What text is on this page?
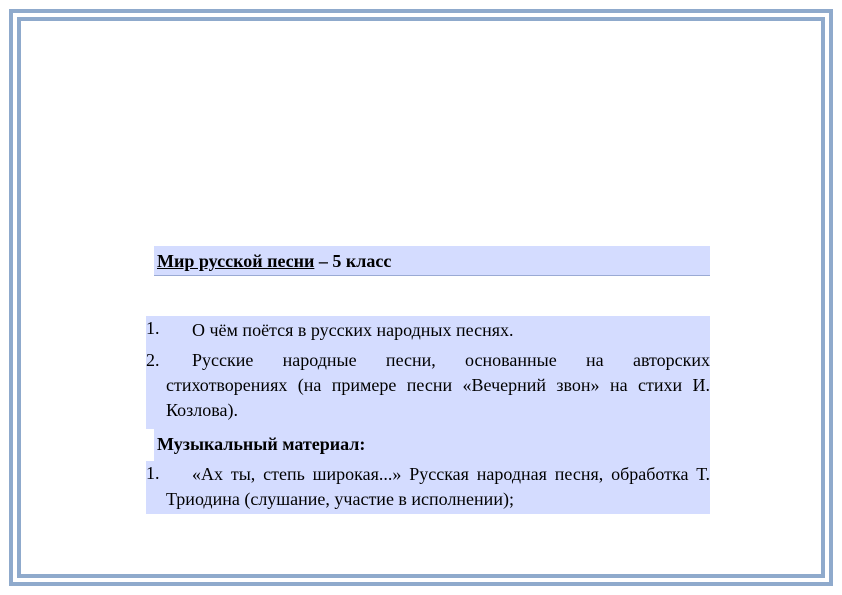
Мир русской песни – 5 класс
1.	О чём поётся в русских народных песнях.
2.	Русские народные песни, основанные на авторских стихотворениях (на примере песни «Вечерний звон» на стихи И. Козлова).
Музыкальный материал:
1.	«Ах ты, степь широкая...» Русская народная песня, обработка Т. Триодина (слушание, участие в исполнении);
